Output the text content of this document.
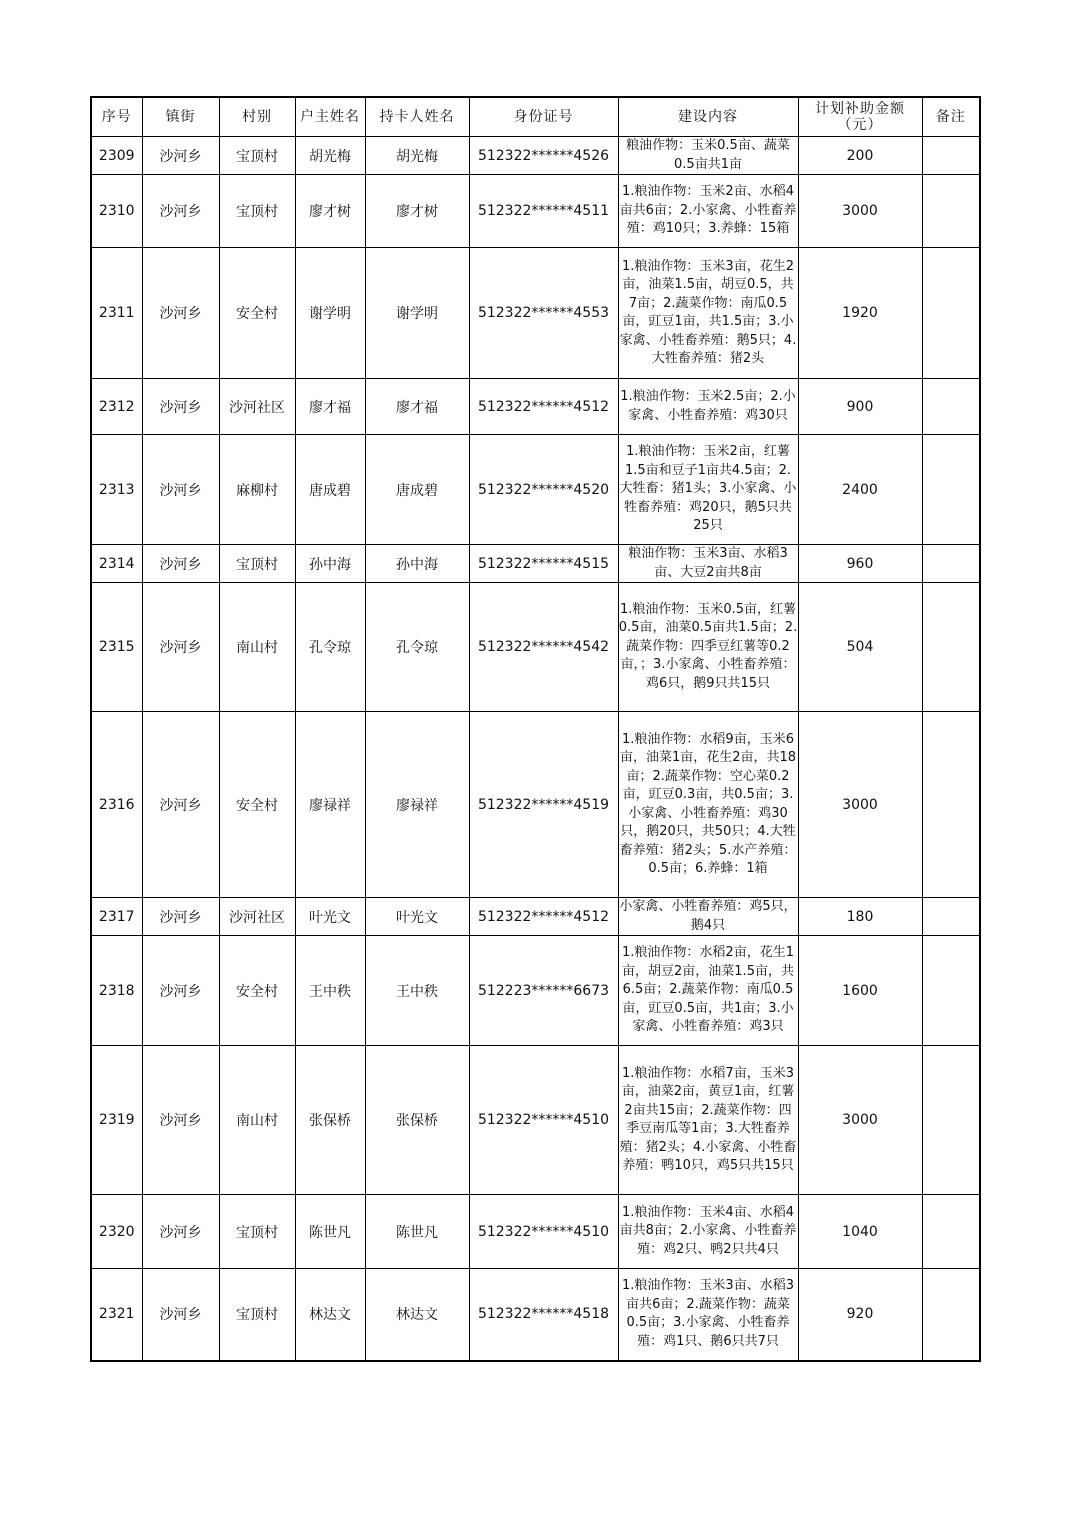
序号	镇街	村别	户主姓名	持卡人姓名	身份证号	建设内容	计划补助金额（元）	备注
2309	沙河乡	宝顶村	胡光梅	胡光梅	512322******4526	粮油作物：玉米0.5亩、蔬菜0.5亩共1亩	200	
2310	沙河乡	宝顶村	廖才树	廖才树	512322******4511	1.粮油作物：玉米2亩、水稻4亩共6亩；2.小家禽、小牲畜养殖：鸡10只；3.养蜂：15箱	3000	
2311	沙河乡	安全村	谢学明	谢学明	512322******4553	1.粮油作物：玉米3亩，花生2亩，油菜1.5亩，胡豆0.5，共7亩；2.蔬菜作物：南瓜0.5亩，豇豆1亩，共1.5亩；3.小家禽、小牲畜养殖：鹅5只；4.大牲畜养殖：猪2头	1920	
2312	沙河乡	沙河社区	廖才福	廖才福	512322******4512	1.粮油作物：玉米2.5亩；2.小家禽、小牲畜养殖：鸡30只	900	
2313	沙河乡	麻柳村	唐成碧	唐成碧	512322******4520	1.粮油作物：玉米2亩，红薯1.5亩和豆子1亩共4.5亩；2.大牲畜：猪1头；3.小家禽、小牲畜养殖：鸡20只，鹅5只共25只	2400	
2314	沙河乡	宝顶村	孙中海	孙中海	512322******4515	粮油作物：玉米3亩、水稻3亩、大豆2亩共8亩	960	
2315	沙河乡	南山村	孔令琼	孔令琼	512322******4542	1.粮油作物：玉米0.5亩，红薯0.5亩，油菜0.5亩共1.5亩；2.蔬菜作物：四季豆红薯等0.2亩，；3.小家禽、小牲畜养殖：鸡6只，鹅9只共15只	504	
2316	沙河乡	安全村	廖禄祥	廖禄祥	512322******4519	1.粮油作物：水稻9亩，玉米6亩，油菜1亩，花生2亩，共18亩；2.蔬菜作物：空心菜0.2亩，豇豆0.3亩，共0.5亩；3.小家禽、小牲畜养殖：鸡30只，鹅20只，共50只；4.大牲畜养殖：猪2头；5.水产养殖：0.5亩；6.养蜂：1箱	3000	
2317	沙河乡	沙河社区	叶光文	叶光文	512322******4512	小家禽、小牲畜养殖：鸡5只，鹅4只	180	
2318	沙河乡	安全村	王中秩	王中秩	512223******6673	1.粮油作物：水稻2亩，花生1亩，胡豆2亩，油菜1.5亩，共6.5亩；2.蔬菜作物：南瓜0.5亩，豇豆0.5亩，共1亩；3.小家禽、小牲畜养殖：鸡3只	1600	
2319	沙河乡	南山村	张保桥	张保桥	512322******4510	1.粮油作物：水稻7亩，玉米3亩，油菜2亩，黄豆1亩，红薯2亩共15亩；2.蔬菜作物：四季豆南瓜等1亩；3.大牲畜养殖：猪2头；4.小家禽、小牲畜养殖：鸭10只，鸡5只共15只	3000	
2320	沙河乡	宝顶村	陈世凡	陈世凡	512322******4510	1.粮油作物：玉米4亩、水稻4亩共8亩；2.小家禽、小牲畜养殖：鸡2只、鸭2只共4只	1040	
2321	沙河乡	宝顶村	林达文	林达文	512322******4518	1.粮油作物：玉米3亩、水稻3亩共6亩；2.蔬菜作物：蔬菜0.5亩；3.小家禽、小牲畜养殖：鸡1只、鹅6只共7只	920	
